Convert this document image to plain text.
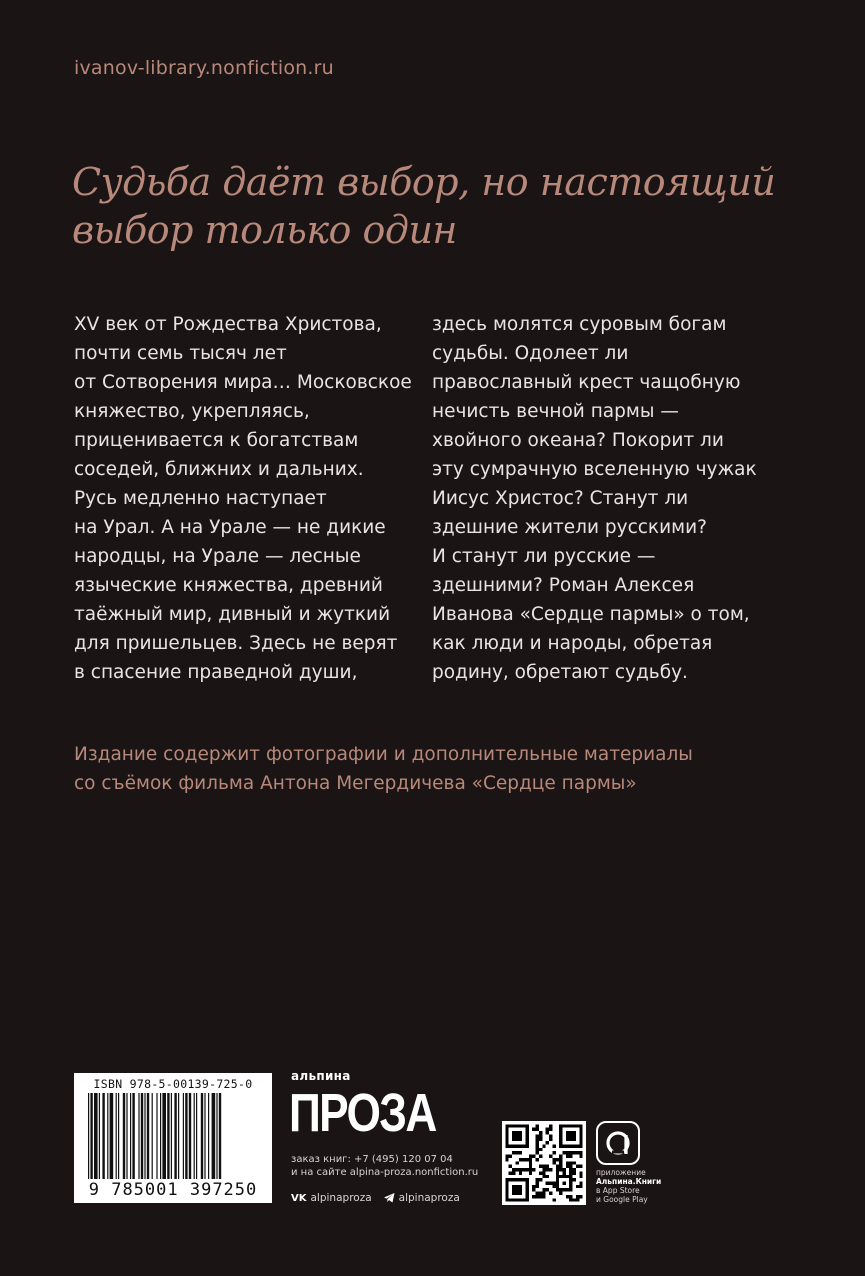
ivanov-library.nonfiction.ru
Судьба даёт выбор, но настоящий
выбор только один
XV век от Рождества Христова,
почти семь тысяч лет
от Сотворения мира… Московское
княжество, укрепляясь,
прицениваетcя к богатствам
соседей, ближних и дальних.
Русь медленно наступает
на Урал. А на Урале — не дикие
народцы, на Урале — лесные
языческие княжества, древний
таёжный мир, дивный и жуткий
для пришельцев. Здесь не верят
в спасение праведной души,
здесь молятся суровым богам
судьбы. Одолеет ли
православный крест чащобную
нечисть вечной пармы —
хвойного океана? Покорит ли
эту сумрачную вселенную чужак
Иисус Христос? Станут ли
здешние жители русскими?
И станут ли русские —
здешними? Роман Алексея
Иванова «Сердце пармы» о том,
как люди и народы, обретая
родину, обретают судьбу.
Издание содержит фотографии и дополнительные материалы
со съёмок фильма Антона Мегердичева «Сердце пармы»
ISBN 978-5-00139-725-0
9 785001 397250
альпина
ПРОЗА
заказ книг: +7 (495) 120 07 04
и на сайте alpina-proza.nonfiction.ru
VK alpinaproza	alpinaproza
приложение
Альпина.Книги
в App Store
и Google Play
